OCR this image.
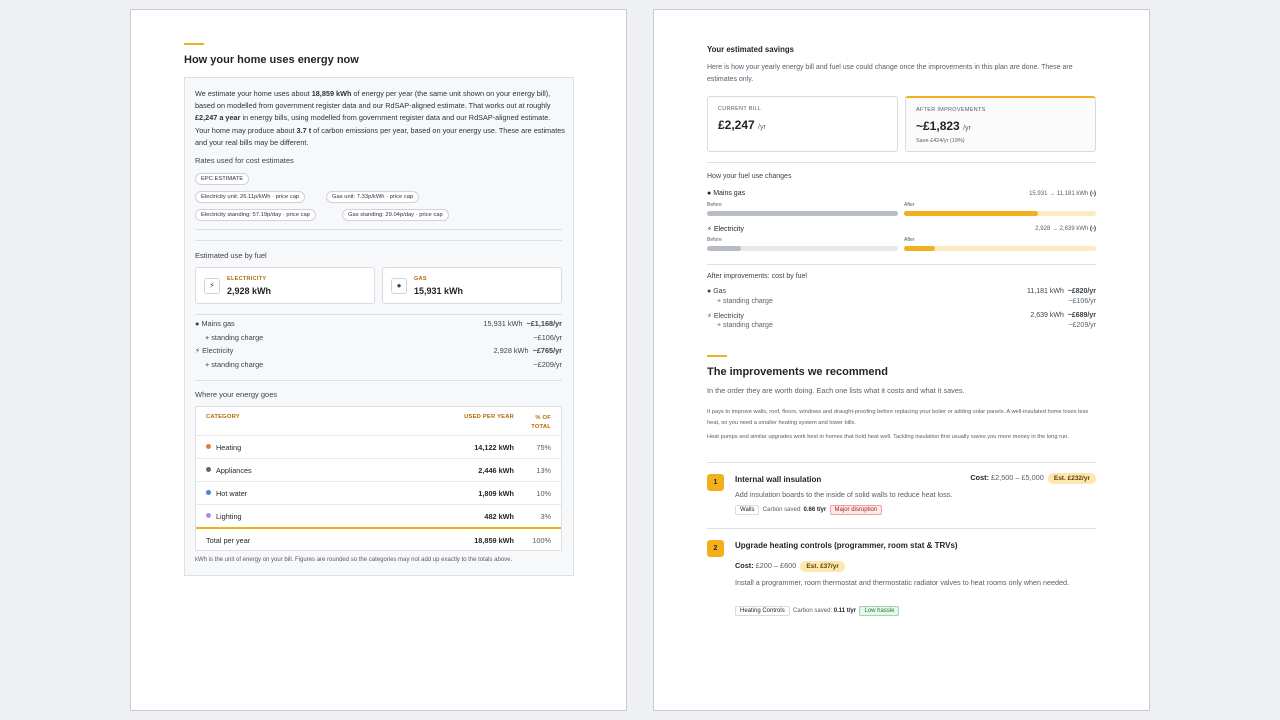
How your home uses energy now
We estimate your home uses about 18,859 kWh of energy per year (the same unit shown on your energy bill), based on modelled from government register data and our RdSAP-aligned estimate. That works out at roughly £2,247 a year in energy bills, using modelled from government register data and our RdSAP-aligned estimate. Your home may produce about 3.7 t of carbon emissions per year, based on your energy use. These are estimates and your real bills may be different.
Rates used for cost estimates
EPC ESTIMATE
Electricity unit: 26.11p/kWh · price cap	Gas unit: 7.33p/kWh · price cap
Electricity standing: 57.19p/day · price cap	Gas standing: 29.04p/day · price cap
Estimated use by fuel
⚡
ELECTRICITY
2,928 kWh
●
GAS
15,931 kWh
● Mains gas	15,931 kWh ~£1,168/yr
+ standing charge	~£106/yr
⚡ Electricity	2,928 kWh ~£765/yr
+ standing charge	~£209/yr
Where your energy goes
CATEGORY	USED PER YEAR	% OF TOTAL
Heating	14,122 kWh	75%
Appliances	2,446 kWh	13%
Hot water	1,809 kWh	10%
Lighting	482 kWh	3%
Total per year	18,859 kWh	100%
kWh is the unit of energy on your bill. Figures are rounded so the categories may not add up exactly to the totals above.
Your estimated savings
Here is how your yearly energy bill and fuel use could change once the improvements in this plan are done. These are estimates only.
CURRENT BILL
£2,247 /yr
AFTER IMPROVEMENTS
~£1,823 /yr
Save £424/yr (19%)
How your fuel use changes
● Mains gas	15,931 → 11,181 kWh (-)
Before	After
⚡ Electricity	2,928 → 2,639 kWh (-)
Before	After
After improvements: cost by fuel
● Gas	11,181 kWh ~£820/yr
+ standing charge	~£106/yr
⚡ Electricity	2,639 kWh ~£689/yr
+ standing charge	~£209/yr
The improvements we recommend
In the order they are worth doing. Each one lists what it costs and what it saves.
It pays to improve walls, roof, floors, windows and draught-proofing before replacing your boiler or adding solar panels. A well-insulated home loses less heat, so you need a smaller heating system and lower bills.
Heat pumps and similar upgrades work best in homes that hold heat well. Tackling insulation first usually saves you more money in the long run.
1	Internal wall insulation	Cost: £2,500 – £5,000 Est. £232/yr
Add insulation boards to the inside of solid walls to reduce heat loss.
Walls Carbon saved: 0.66 t/yr Major disruption
2	Upgrade heating controls (programmer, room stat & TRVs)
Cost: £200 – £600 Est. £37/yr
Install a programmer, room thermostat and thermostatic radiator valves to heat rooms only when needed.
Heating Controls Carbon saved: 0.11 t/yr Low hassle
